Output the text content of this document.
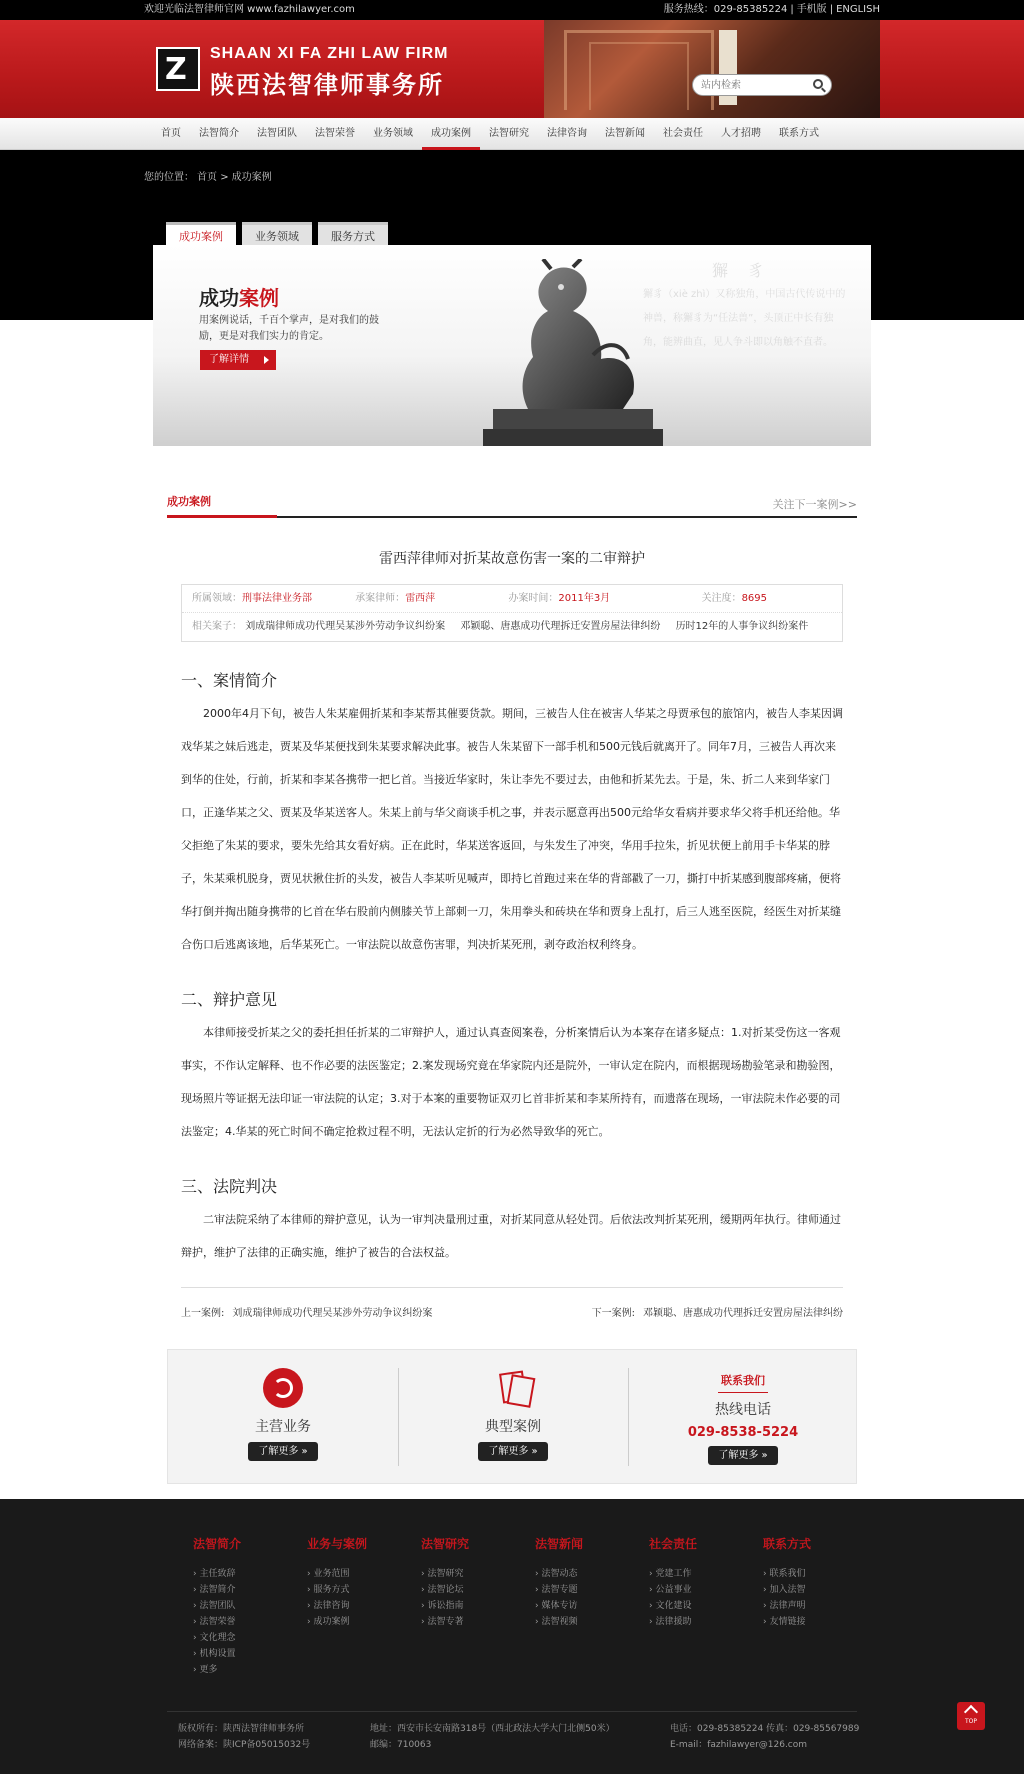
欢迎光临法智律师官网 www.fazhilawyer.com	服务热线：029-85385224 | 手机版 | ENGLISH
Z SHAAN XI FA ZHI LAW FIRM
陕西法智律师事务所
站内检索
首页	法智简介	法智团队	法智荣誉	业务领域	成功案例	法智研究	法律咨询	法智新闻	社会责任	人才招聘	联系方式
您的位置： 首页 > 成功案例
成功案例	业务领域	服务方式
成功案例
用案例说话，千百个掌声，是对我们的鼓励，更是对我们实力的肯定。
了解详情
獬豸
獬豸（xiè zhì）又称独角，中国古代传说中的神兽，称獬豸为“任法兽”，头顶正中长有独角，能辨曲直，见人争斗即以角触不直者。
成功案例	关注下一案例>>
雷西萍律师对折某故意伤害一案的二审辩护
所属领域：刑事法律业务部	承案律师：雷西萍	办案时间：2011年3月	关注度：8695
相关案子： 刘成瑞律师成功代理吴某涉外劳动争议纠纷案 邓颖聪、唐惠成功代理拆迁安置房屋法律纠纷 历时12年的人事争议纠纷案件
一、案情简介

2000年4月下旬，被告人朱某雇佣折某和李某帮其催要货款。期间，三被告人住在被害人华某之母贾承包的旅馆内，被告人李某因调戏华某之妹后逃走，贾某及华某便找到朱某要求解决此事。被告人朱某留下一部手机和500元钱后就离开了。同年7月，三被告人再次来到华的住处，行前，折某和李某各携带一把匕首。当接近华家时，朱让李先不要过去，由他和折某先去。于是，朱、折二人来到华家门口，正逢华某之父、贾某及华某送客人。朱某上前与华父商谈手机之事，并表示愿意再出500元给华女看病并要求华父将手机还给他。华父拒绝了朱某的要求，要朱先给其女看好病。正在此时，华某送客返回，与朱发生了冲突，华用手拉朱，折见状便上前用手卡华某的脖子，朱某乘机脱身，贾见状揪住折的头发，被告人李某听见喊声，即持匕首跑过来在华的背部戳了一刀，撕打中折某感到腹部疼痛，便将华打倒并掏出随身携带的匕首在华右股前内侧膝关节上部刺一刀，朱用拳头和砖块在华和贾身上乱打，后三人逃至医院，经医生对折某缝合伤口后逃离该地，后华某死亡。一审法院以故意伤害罪，判决折某死刑，剥夺政治权利终身。

二、辩护意见

本律师接受折某之父的委托担任折某的二审辩护人，通过认真查阅案卷，分析案情后认为本案存在诸多疑点：1.对折某受伤这一客观事实，不作认定解释、也不作必要的法医鉴定；2.案发现场究竟在华家院内还是院外，一审认定在院内，而根据现场勘验笔录和勘验图，现场照片等证据无法印证一审法院的认定；3.对于本案的重要物证双刃匕首非折某和李某所持有，而遗落在现场，一审法院未作必要的司法鉴定；4.华某的死亡时间不确定抢救过程不明，无法认定折的行为必然导致华的死亡。

三、法院判决

二审法院采纳了本律师的辩护意见，认为一审判决量刑过重，对折某同意从轻处罚。后依法改判折某死刑，缓期两年执行。律师通过辩护，维护了法律的正确实施，维护了被告的合法权益。

上一案例: 刘成瑞律师成功代理吴某涉外劳动争议纠纷案	下一案例: 邓颖聪、唐惠成功代理拆迁安置房屋法律纠纷
主营业务
了解更多 »
典型案例
了解更多 »
联系我们
热线电话
029-8538-5224
了解更多 »
法智简介
› 主任致辞
› 法智简介
› 法智团队
› 法智荣誉
› 文化理念
› 机构设置
› 更多
业务与案例
› 业务范围
› 服务方式
› 法律咨询
› 成功案例
法智研究
› 法智研究
› 法智论坛
› 诉讼指南
› 法智专著
法智新闻
› 法智动态
› 法智专题
› 媒体专访
› 法智视频
社会责任
› 党建工作
› 公益事业
› 文化建设
› 法律援助
联系方式
› 联系我们
› 加入法智
› 法律声明
› 友情链接
版权所有：陕西法智律师事务所
网络备案：陕ICP备05015032号
地址：西安市长安南路318号（西北政法大学大门北侧50米）
邮编：710063
电话：029-85385224 传真：029-85567989
E-mail：fazhilawyer@126.com
TOP
